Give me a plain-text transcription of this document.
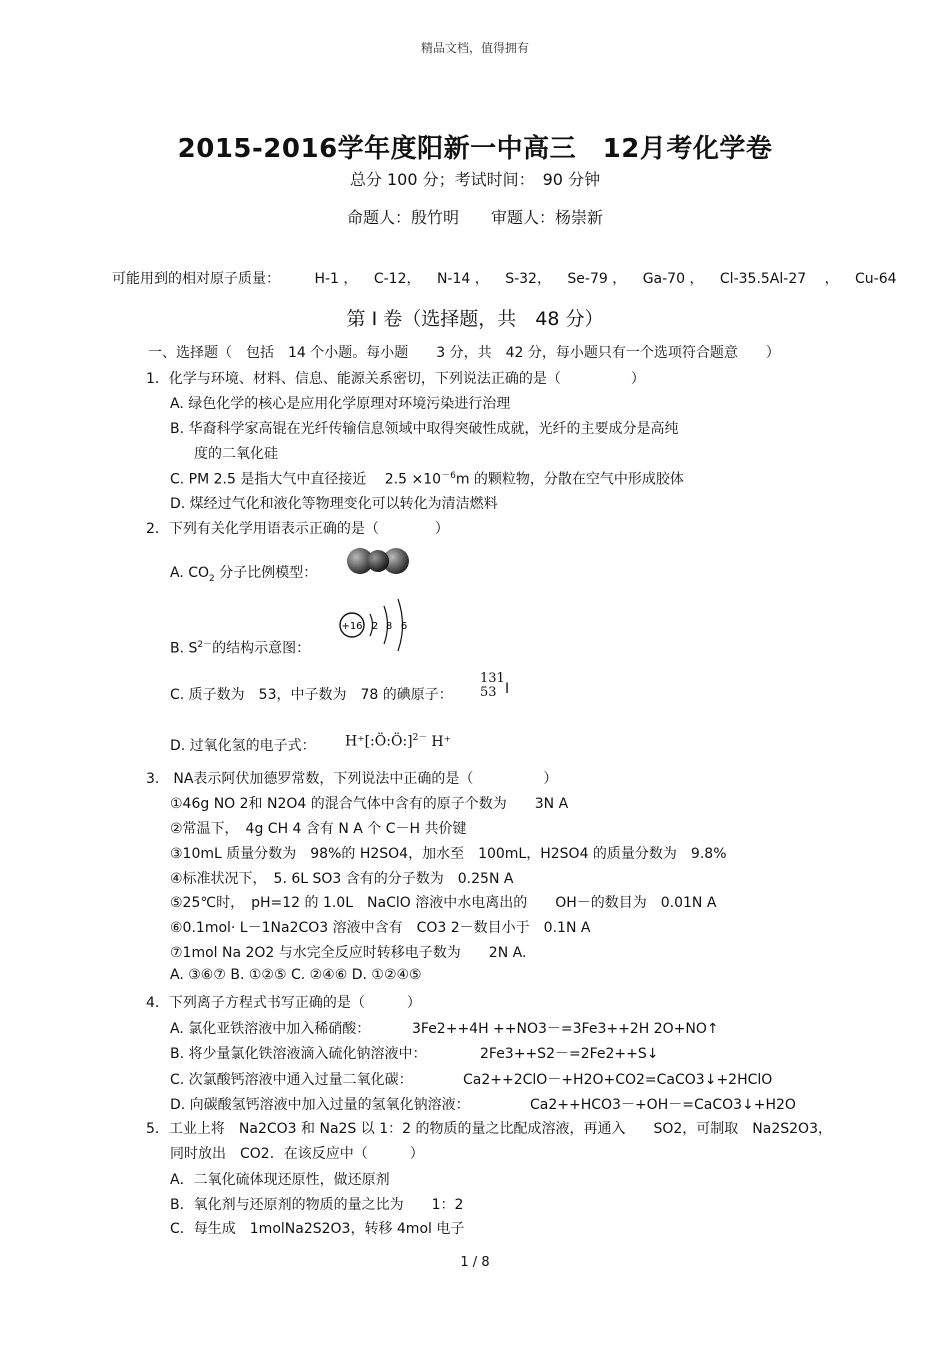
精品文档，值得拥有
2015-2016学年度阳新一中高三　12月考化学卷
总分 100 分；考试时间：　90 分钟
命题人：殷竹明　　审题人：杨崇新
可能用到的相对原子质量： H-1 ， C-12， N-14 ， S-32， Se-79 ， Ga-70 ， Cl-35.5Al-27 　， Cu-64
第 I 卷（选择题，共　48 分）
一、选择题（　包括　14 个小题。每小题　　3 分，共　42 分，每小题只有一个选项符合题意　　）
1．化学与环境、材料、信息、能源关系密切，下列说法正确的是（　　　　　）
A. 绿色化学的核心是应用化学原理对环境污染进行治理
B. 华裔科学家高锟在光纤传输信息领域中取得突破性成就，光纤的主要成分是高纯
度的二氧化硅
C. PM 2.5 是指大气中直径接近　 $2.5 \times 10^{-6}m$ 的颗粒物，分散在空气中形成胶体
D. 煤经过气化和液化等物理变化可以转化为清洁燃料
2．下列有关化学用语表示正确的是（　　　　）
A. $CO_2$ 分子比例模型：
B. $S^{2-}$的结构示意图：
+16 2 8 6
C. 质子数为　53，中子数为　78 的碘原子：
131
53 I
D. 过氧化氢的电子式： H⁺[:Ö:Ö:]$^{2-}$ H⁺
3.　NA表示阿伏加德罗常数，下列说法中正确的是（　　　　　）
①46g NO 2和 N2O4 的混合气体中含有的原子个数为　　3N A
②常温下，　4g CH 4 含有 N A 个 C－H 共价键
③10mL 质量分数为　98%的 H2SO4，加水至　100mL，H2SO4 的质量分数为　9.8%
④标准状况下，　5. 6L SO3 含有的分子数为　0.25N A
⑤25℃时，　pH=12 的 1.0L　NaClO 溶液中水电离出的　　OH－的数目为　0.01N A
⑥0.1mol· L－1Na2CO3 溶液中含有　CO3 2－数目小于　0.1N A
⑦1mol Na 2O2 与水完全反应时转移电子数为　　2N A.
A. ③⑥⑦ B. ①②⑤ C. ②④⑥ D. ①②④⑤
4．下列离子方程式书写正确的是（　　　）
A. 氯化亚铁溶液中加入稀硝酸：	3Fe2++4H ++NO3－=3Fe3++2H 2O+NO↑
B. 将少量氯化铁溶液滴入硫化钠溶液中：	2Fe3++S2－=2Fe2++S↓
C. 次氯酸钙溶液中通入过量二氧化碳：	Ca2++2ClO－+H2O+CO2=CaCO3↓+2HClO
D. 向碳酸氢钙溶液中加入过量的氢氧化钠溶液：	Ca2++HCO3－+OH－=CaCO3↓+H2O
5．工业上将　Na2CO3 和 Na2S 以 1：2 的物质的量之比配成溶液，再通入　　SO2，可制取　Na2S2O3，
同时放出　CO2．在该反应中（　　　）
A．二氧化硫体现还原性，做还原剂
B．氧化剂与还原剂的物质的量之比为　　1：2
C．每生成　1molNa2S2O3，转移 4mol 电子
1 / 8
